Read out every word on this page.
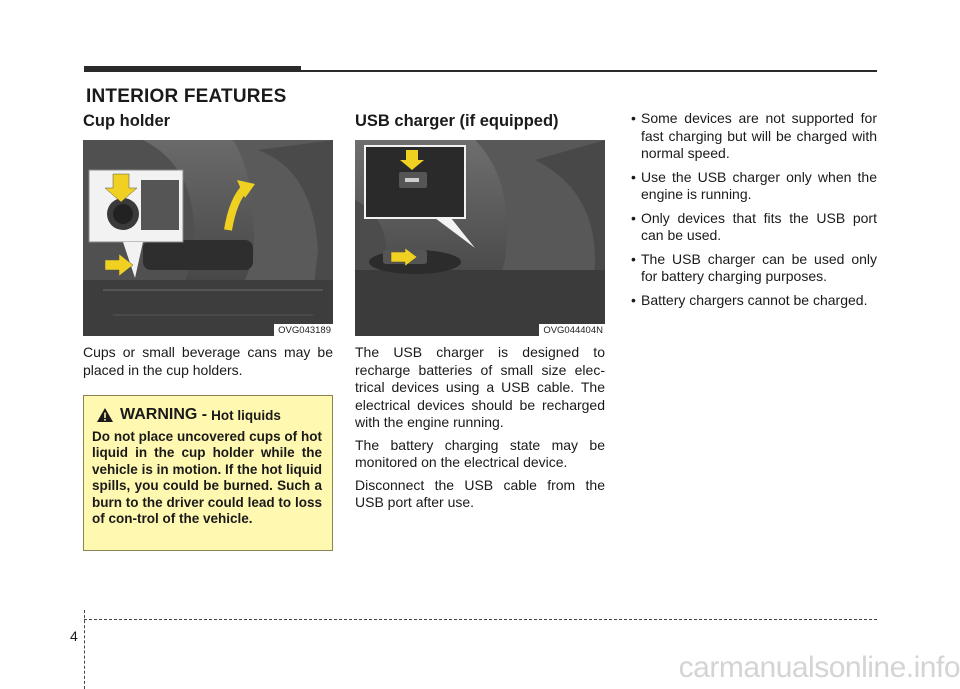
INTERIOR FEATURES
Cup holder
OVG043189

Cups or small beverage cans may be placed in the cup holders.

WARNING - Hot liquids
Do not place uncovered cups of hot liquid in the cup holder while the vehicle is in motion. If the hot liquid spills, you could be burned. Such a burn to the driver could lead to loss of con-trol of the vehicle.
USB charger (if equipped)
OVG044404N

The USB charger is designed to recharge batteries of small size elec-trical devices using a USB cable. The electrical devices should be recharged with the engine running.

The battery charging state may be monitored on the electrical device.

Disconnect the USB cable from the USB port after use.

• Some devices are not supported for fast charging but will be charged with normal speed.
• Use the USB charger only when the engine is running.
• Only devices that fits the USB port can be used.
• The USB charger can be used only for battery charging purposes.
• Battery chargers cannot be charged.
4
carmanualsonline.info
